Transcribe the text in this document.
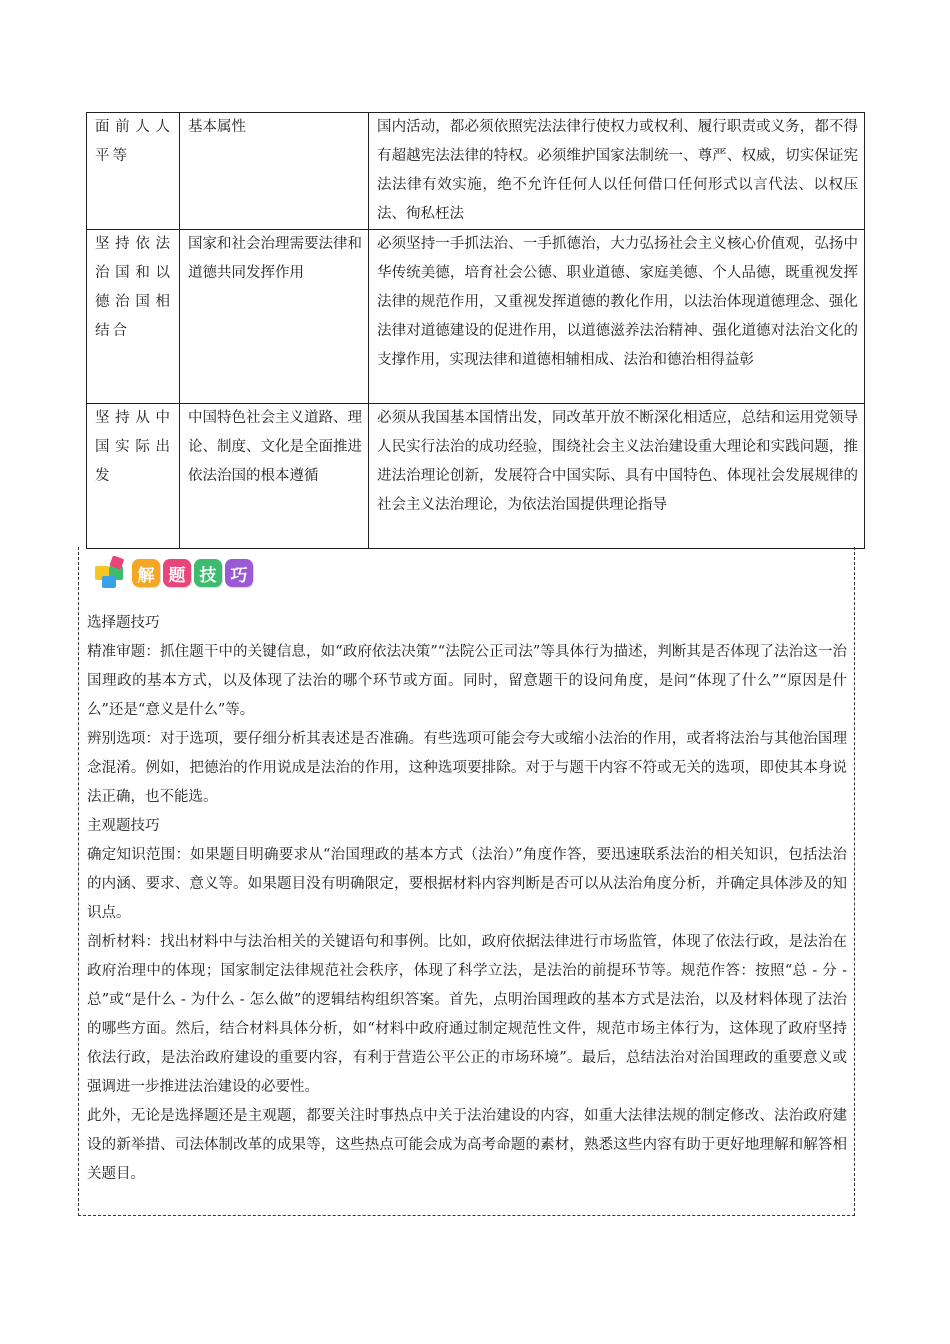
面前人人平等	基本属性	国内活动，都必须依照宪法法律行使权力或权利、履行职责或义务，都不得有超越宪法法律的特权。必须维护国家法制统一、尊严、权威，切实保证宪法法律有效实施，绝不允许任何人以任何借口任何形式以言代法、以权压法、徇私枉法
坚持依法治国和以德治国相结合	国家和社会治理需要法律和道德共同发挥作用	必须坚持一手抓法治、一手抓德治，大力弘扬社会主义核心价值观，弘扬中华传统美德，培育社会公德、职业道德、家庭美德、个人品德，既重视发挥法律的规范作用，又重视发挥道德的教化作用，以法治体现道德理念、强化法律对道德建设的促进作用，以道德滋养法治精神、强化道德对法治文化的支撑作用，实现法律和道德相辅相成、法治和德治相得益彰
坚持从中国实际出发	中国特色社会主义道路、理论、制度、文化是全面推进依法治国的根本遵循	必须从我国基本国情出发，同改革开放不断深化相适应，总结和运用党领导人民实行法治的成功经验，围绕社会主义法治建设重大理论和实践问题，推进法治理论创新，发展符合中国实际、具有中国特色、体现社会发展规律的社会主义法治理论，为依法治国提供理论指导
解 题 技 巧

选择题技巧

精准审题：抓住题干中的关键信息，如“政府依法决策”“法院公正司法”等具体行为描述，判断其是否体现了法治这一治国理政的基本方式，以及体现了法治的哪个环节或方面。同时，留意题干的设问角度，是问“体现了什么”“原因是什么”还是“意义是什么”等。

辨别选项：对于选项，要仔细分析其表述是否准确。有些选项可能会夸大或缩小法治的作用，或者将法治与其他治国理念混淆。例如，把德治的作用说成是法治的作用，这种选项要排除。对于与题干内容不符或无关的选项，即使其本身说法正确，也不能选。

主观题技巧

确定知识范围：如果题目明确要求从“治国理政的基本方式（法治）”角度作答，要迅速联系法治的相关知识，包括法治的内涵、要求、意义等。如果题目没有明确限定，要根据材料内容判断是否可以从法治角度分析，并确定具体涉及的知识点。

剖析材料：找出材料中与法治相关的关键语句和事例。比如，政府依据法律进行市场监管，体现了依法行政，是法治在政府治理中的体现；国家制定法律规范社会秩序，体现了科学立法，是法治的前提环节等。规范作答：按照“总 - 分 - 总”或“是什么 - 为什么 - 怎么做”的逻辑结构组织答案。首先，点明治国理政的基本方式是法治，以及材料体现了法治的哪些方面。然后，结合材料具体分析，如“材料中政府通过制定规范性文件，规范市场主体行为，这体现了政府坚持依法行政，是法治政府建设的重要内容，有利于营造公平公正的市场环境”。最后，总结法治对治国理政的重要意义或强调进一步推进法治建设的必要性。

此外，无论是选择题还是主观题，都要关注时事热点中关于法治建设的内容，如重大法律法规的制定修改、法治政府建设的新举措、司法体制改革的成果等，这些热点可能会成为高考命题的素材，熟悉这些内容有助于更好地理解和解答相关题目。
